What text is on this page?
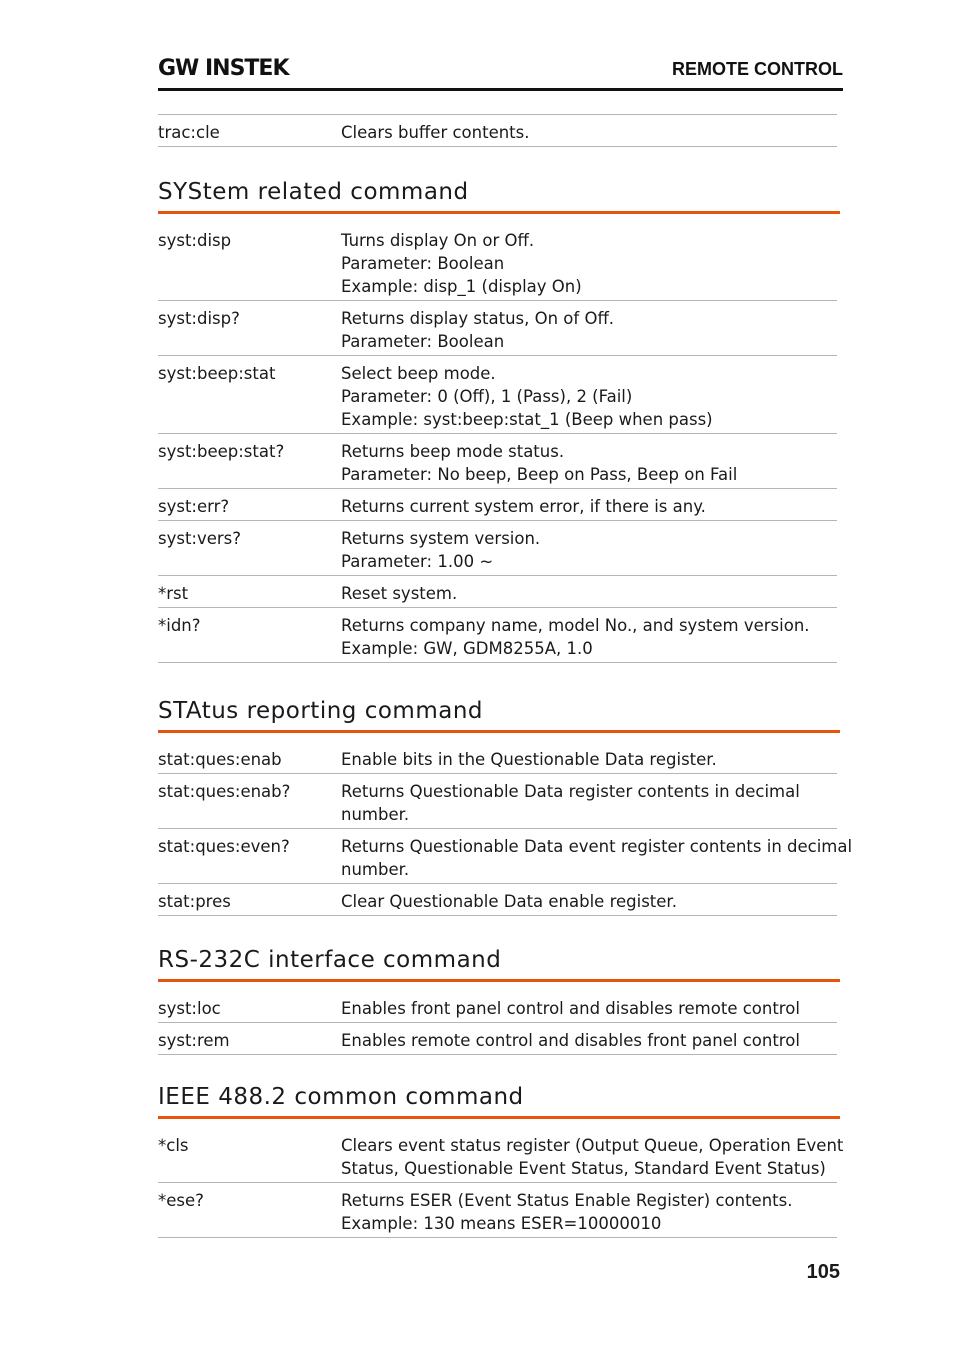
GW INSTEK	REMOTE CONTROL
trac:cle	Clears buffer contents.
SYStem related command
syst:disp	Turns display On or Off.
Parameter: Boolean
Example: disp_1 (display On)
syst:disp?	Returns display status, On of Off.
Parameter: Boolean
syst:beep:stat	Select beep mode.
Parameter: 0 (Off), 1 (Pass), 2 (Fail)
Example: syst:beep:stat_1 (Beep when pass)
syst:beep:stat?	Returns beep mode status.
Parameter: No beep, Beep on Pass, Beep on Fail
syst:err?	Returns current system error, if there is any.
syst:vers?	Returns system version.
Parameter: 1.00 ~
*rst	Reset system.
*idn?	Returns company name, model No., and system version.
Example: GW, GDM8255A, 1.0
STAtus reporting command
stat:ques:enab	Enable bits in the Questionable Data register.
stat:ques:enab?	Returns Questionable Data register contents in decimal
number.
stat:ques:even?	Returns Questionable Data event register contents in decimal
number.
stat:pres	Clear Questionable Data enable register.
RS-232C interface command
syst:loc	Enables front panel control and disables remote control
syst:rem	Enables remote control and disables front panel control
IEEE 488.2 common command
*cls	Clears event status register (Output Queue, Operation Event
Status, Questionable Event Status, Standard Event Status)
*ese?	Returns ESER (Event Status Enable Register) contents.
Example: 130 means ESER=10000010
105
